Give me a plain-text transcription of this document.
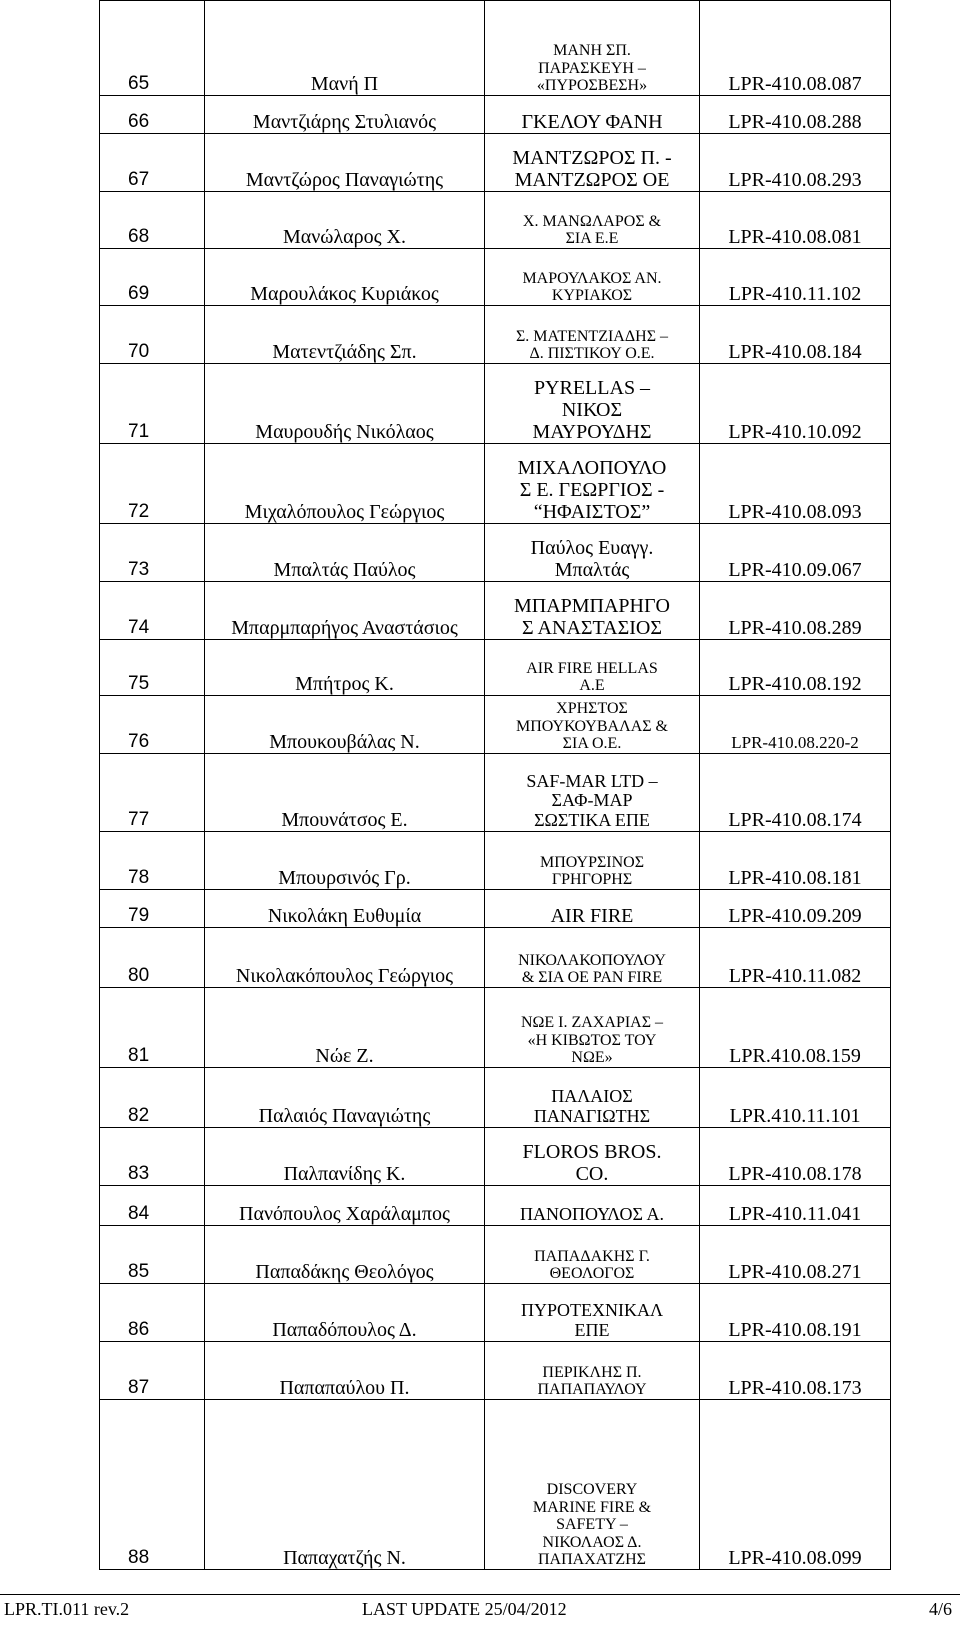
65	Μανή Π	ΜΑΝΗ ΣΠ.
ΠΑΡΑΣΚΕΥΗ –
«ΠΥΡΟΣΒΕΣΗ»	LPR-410.08.087
66	Μαντζιάρης Στυλιανός	ΓΚΕΛΟΥ ΦΑΝΗ	LPR-410.08.288
67	Μαντζώρος Παναγιώτης	ΜΑΝΤΖΩΡΟΣ Π. -
ΜΑΝΤΖΩΡΟΣ ΟΕ	LPR-410.08.293
68	Μανώλαρος Χ.	Χ. ΜΑΝΩΛΑΡΟΣ &
ΣΙΑ Ε.Ε	LPR-410.08.081
69	Μαρουλάκος Κυριάκος	ΜΑΡΟΥΛΑΚΟΣ ΑΝ.
ΚΥΡΙΑΚΟΣ	LPR-410.11.102
70	Ματεντζιάδης Σπ.	Σ. ΜΑΤΕΝΤΖΙΑΔΗΣ –
Δ. ΠΙΣΤΙΚΟΥ Ο.Ε.	LPR-410.08.184
71	Μαυρουδής Νικόλαος	PYRELLAS –
ΝΙΚΟΣ
ΜΑΥΡΟΥΔΗΣ	LPR-410.10.092
72	Μιχαλόπουλος Γεώργιος	ΜΙΧΑΛΟΠΟΥΛΟ
Σ Ε. ΓΕΩΡΓΙΟΣ -
“ΗΦΑΙΣΤΟΣ”	LPR-410.08.093
73	Μπαλτάς Παύλος	Παύλος Ευαγγ.
Μπαλτάς	LPR-410.09.067
74	Μπαρμπαρήγος Αναστάσιος	ΜΠΑΡΜΠΑΡΗΓΟ
Σ ΑΝΑΣΤΑΣΙΟΣ	LPR-410.08.289
75	Μπήτρος Κ.	AIR FIRE HELLAS
Α.Ε	LPR-410.08.192
76	Μπουκουβάλας Ν.	ΧΡΗΣΤΟΣ
ΜΠΟΥΚΟΥΒΑΛΑΣ &
ΣΙΑ Ο.Ε.	LPR-410.08.220-2
77	Μπουνάτσος Ε.	SAF-MAR LTD –
ΣΑΦ-ΜΑΡ
ΣΩΣΤΙΚΑ ΕΠΕ	LPR-410.08.174
78	Μπουρσινός Γρ.	ΜΠΟΥΡΣΙΝΟΣ
ΓΡΗΓΟΡΗΣ	LPR-410.08.181
79	Νικολάκη Ευθυμία	AIR FIRE	LPR-410.09.209
80	Νικολακόπουλος Γεώργιος	ΝΙΚΟΛΑΚΟΠΟΥΛΟΥ
& ΣΙΑ ΟΕ PAN FIRE	LPR-410.11.082
81	Νώε Ζ.	ΝΩΕ Ι. ΖΑΧΑΡΙΑΣ –
«Η ΚΙΒΩΤΟΣ ΤΟΥ
ΝΩΕ»	LPR.410.08.159
82	Παλαιός Παναγιώτης	ΠΑΛΑΙΟΣ
ΠΑΝΑΓΙΩΤΗΣ	LPR.410.11.101
83	Παλπανίδης Κ.	FLOROS BROS.
CO.	LPR-410.08.178
84	Πανόπουλος Χαράλαμπος	ΠΑΝΟΠΟΥΛΟΣ Α.	LPR-410.11.041
85	Παπαδάκης Θεολόγος	ΠΑΠΑΔΑΚΗΣ Γ.
ΘΕΟΛΟΓΟΣ	LPR-410.08.271
86	Παπαδόπουλος Δ.	ΠΥΡΟΤΕΧΝΙΚΑΛ
ΕΠΕ	LPR-410.08.191
87	Παπαπαύλου Π.	ΠΕΡΙΚΛΗΣ Π.
ΠΑΠΑΠΑΥΛΟΥ	LPR-410.08.173
88	Παπαχατζής Ν.	DISCOVERY
MARINE FIRE &
SAFETY –
ΝΙΚΟΛΑΟΣ Δ.
ΠΑΠΑΧΑΤΖΗΣ	LPR-410.08.099
LPR.TI.011 rev.2	LAST UPDATE 25/04/2012	4/6
